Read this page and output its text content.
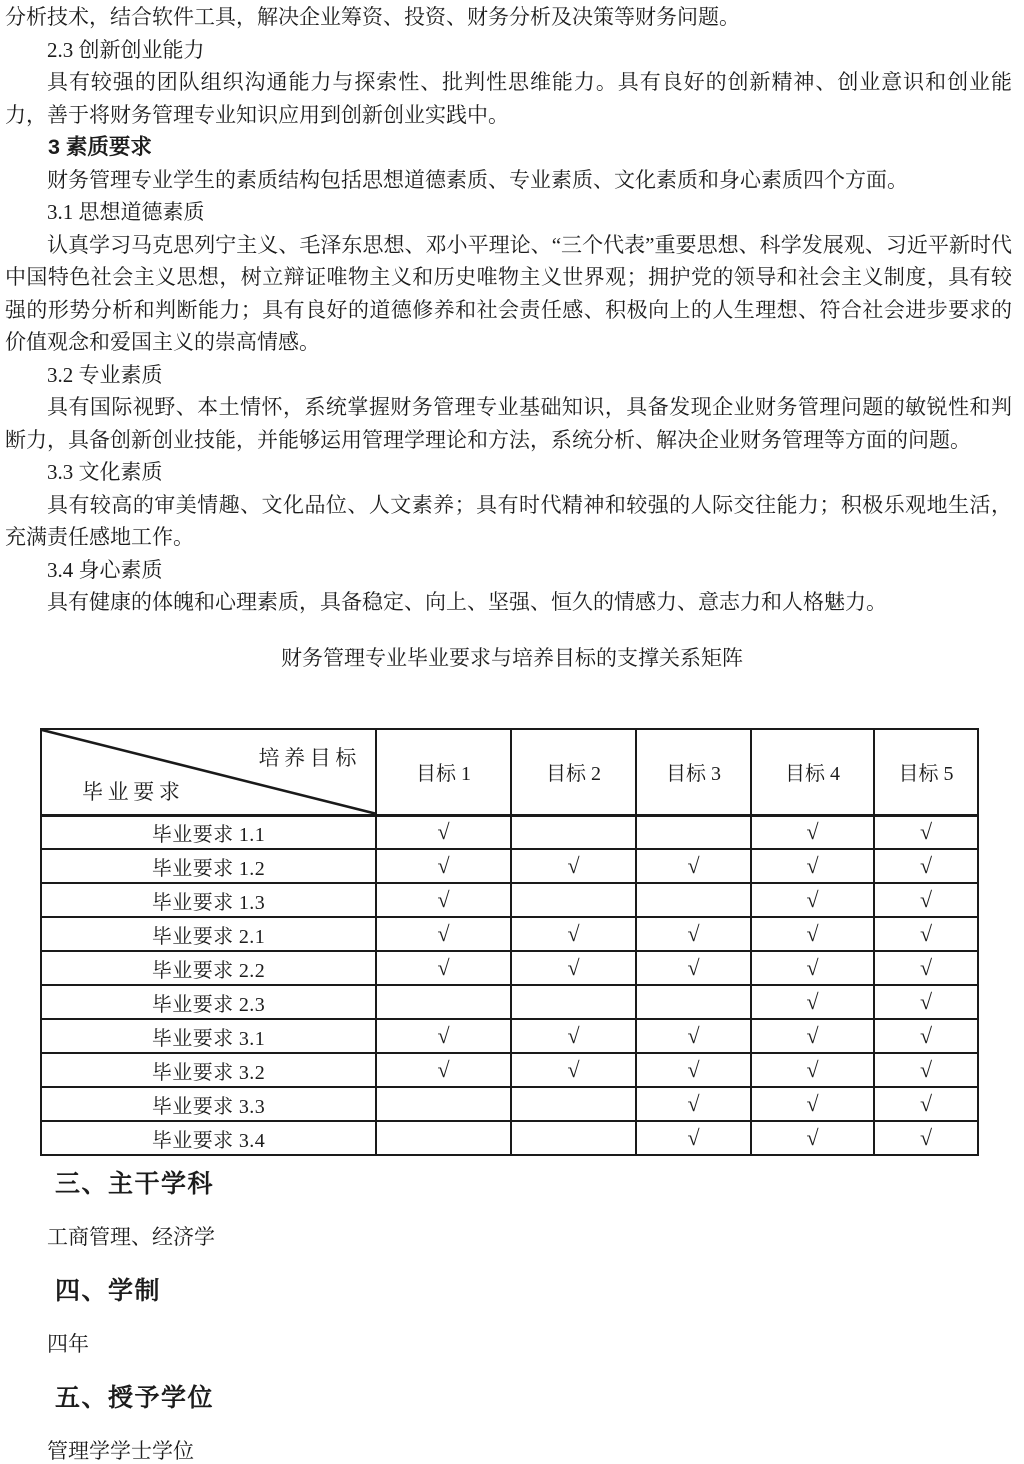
分析技术，结合软件工具，解决企业筹资、投资、财务分析及决策等财务问题。

2.3 创新创业能力

具有较强的团队组织沟通能力与探索性、批判性思维能力。具有良好的创新精神、创业意识和创业能力，善于将财务管理专业知识应用到创新创业实践中。

3 素质要求

财务管理专业学生的素质结构包括思想道德素质、专业素质、文化素质和身心素质四个方面。

3.1 思想道德素质

认真学习马克思列宁主义、毛泽东思想、邓小平理论、“三个代表”重要思想、科学发展观、习近平新时代中国特色社会主义思想，树立辩证唯物主义和历史唯物主义世界观；拥护党的领导和社会主义制度，具有较强的形势分析和判断能力；具有良好的道德修养和社会责任感、积极向上的人生理想、符合社会进步要求的价值观念和爱国主义的崇高情感。

3.2 专业素质

具有国际视野、本土情怀，系统掌握财务管理专业基础知识，具备发现企业财务管理问题的敏锐性和判断力，具备创新创业技能，并能够运用管理学理论和方法，系统分析、解决企业财务管理等方面的问题。

3.3 文化素质

具有较高的审美情趣、文化品位、人文素养；具有时代精神和较强的人际交往能力；积极乐观地生活，充满责任感地工作。

3.4 身心素质

具有健康的体魄和心理素质，具备稳定、向上、坚强、恒久的情感力、意志力和人格魅力。

财务管理专业毕业要求与培养目标的支撑关系矩阵
培养目标
毕业要求	目标 1	目标 2	目标 3	目标 4	目标 5
毕业要求 1.1	√			√	√
毕业要求 1.2	√	√	√	√	√
毕业要求 1.3	√			√	√
毕业要求 2.1	√	√	√	√	√
毕业要求 2.2	√	√	√	√	√
毕业要求 2.3				√	√
毕业要求 3.1	√	√	√	√	√
毕业要求 3.2	√	√	√	√	√
毕业要求 3.3			√	√	√
毕业要求 3.4			√	√	√
三、主干学科

工商管理、经济学

四、学制

四年

五、授予学位

管理学学士学位
